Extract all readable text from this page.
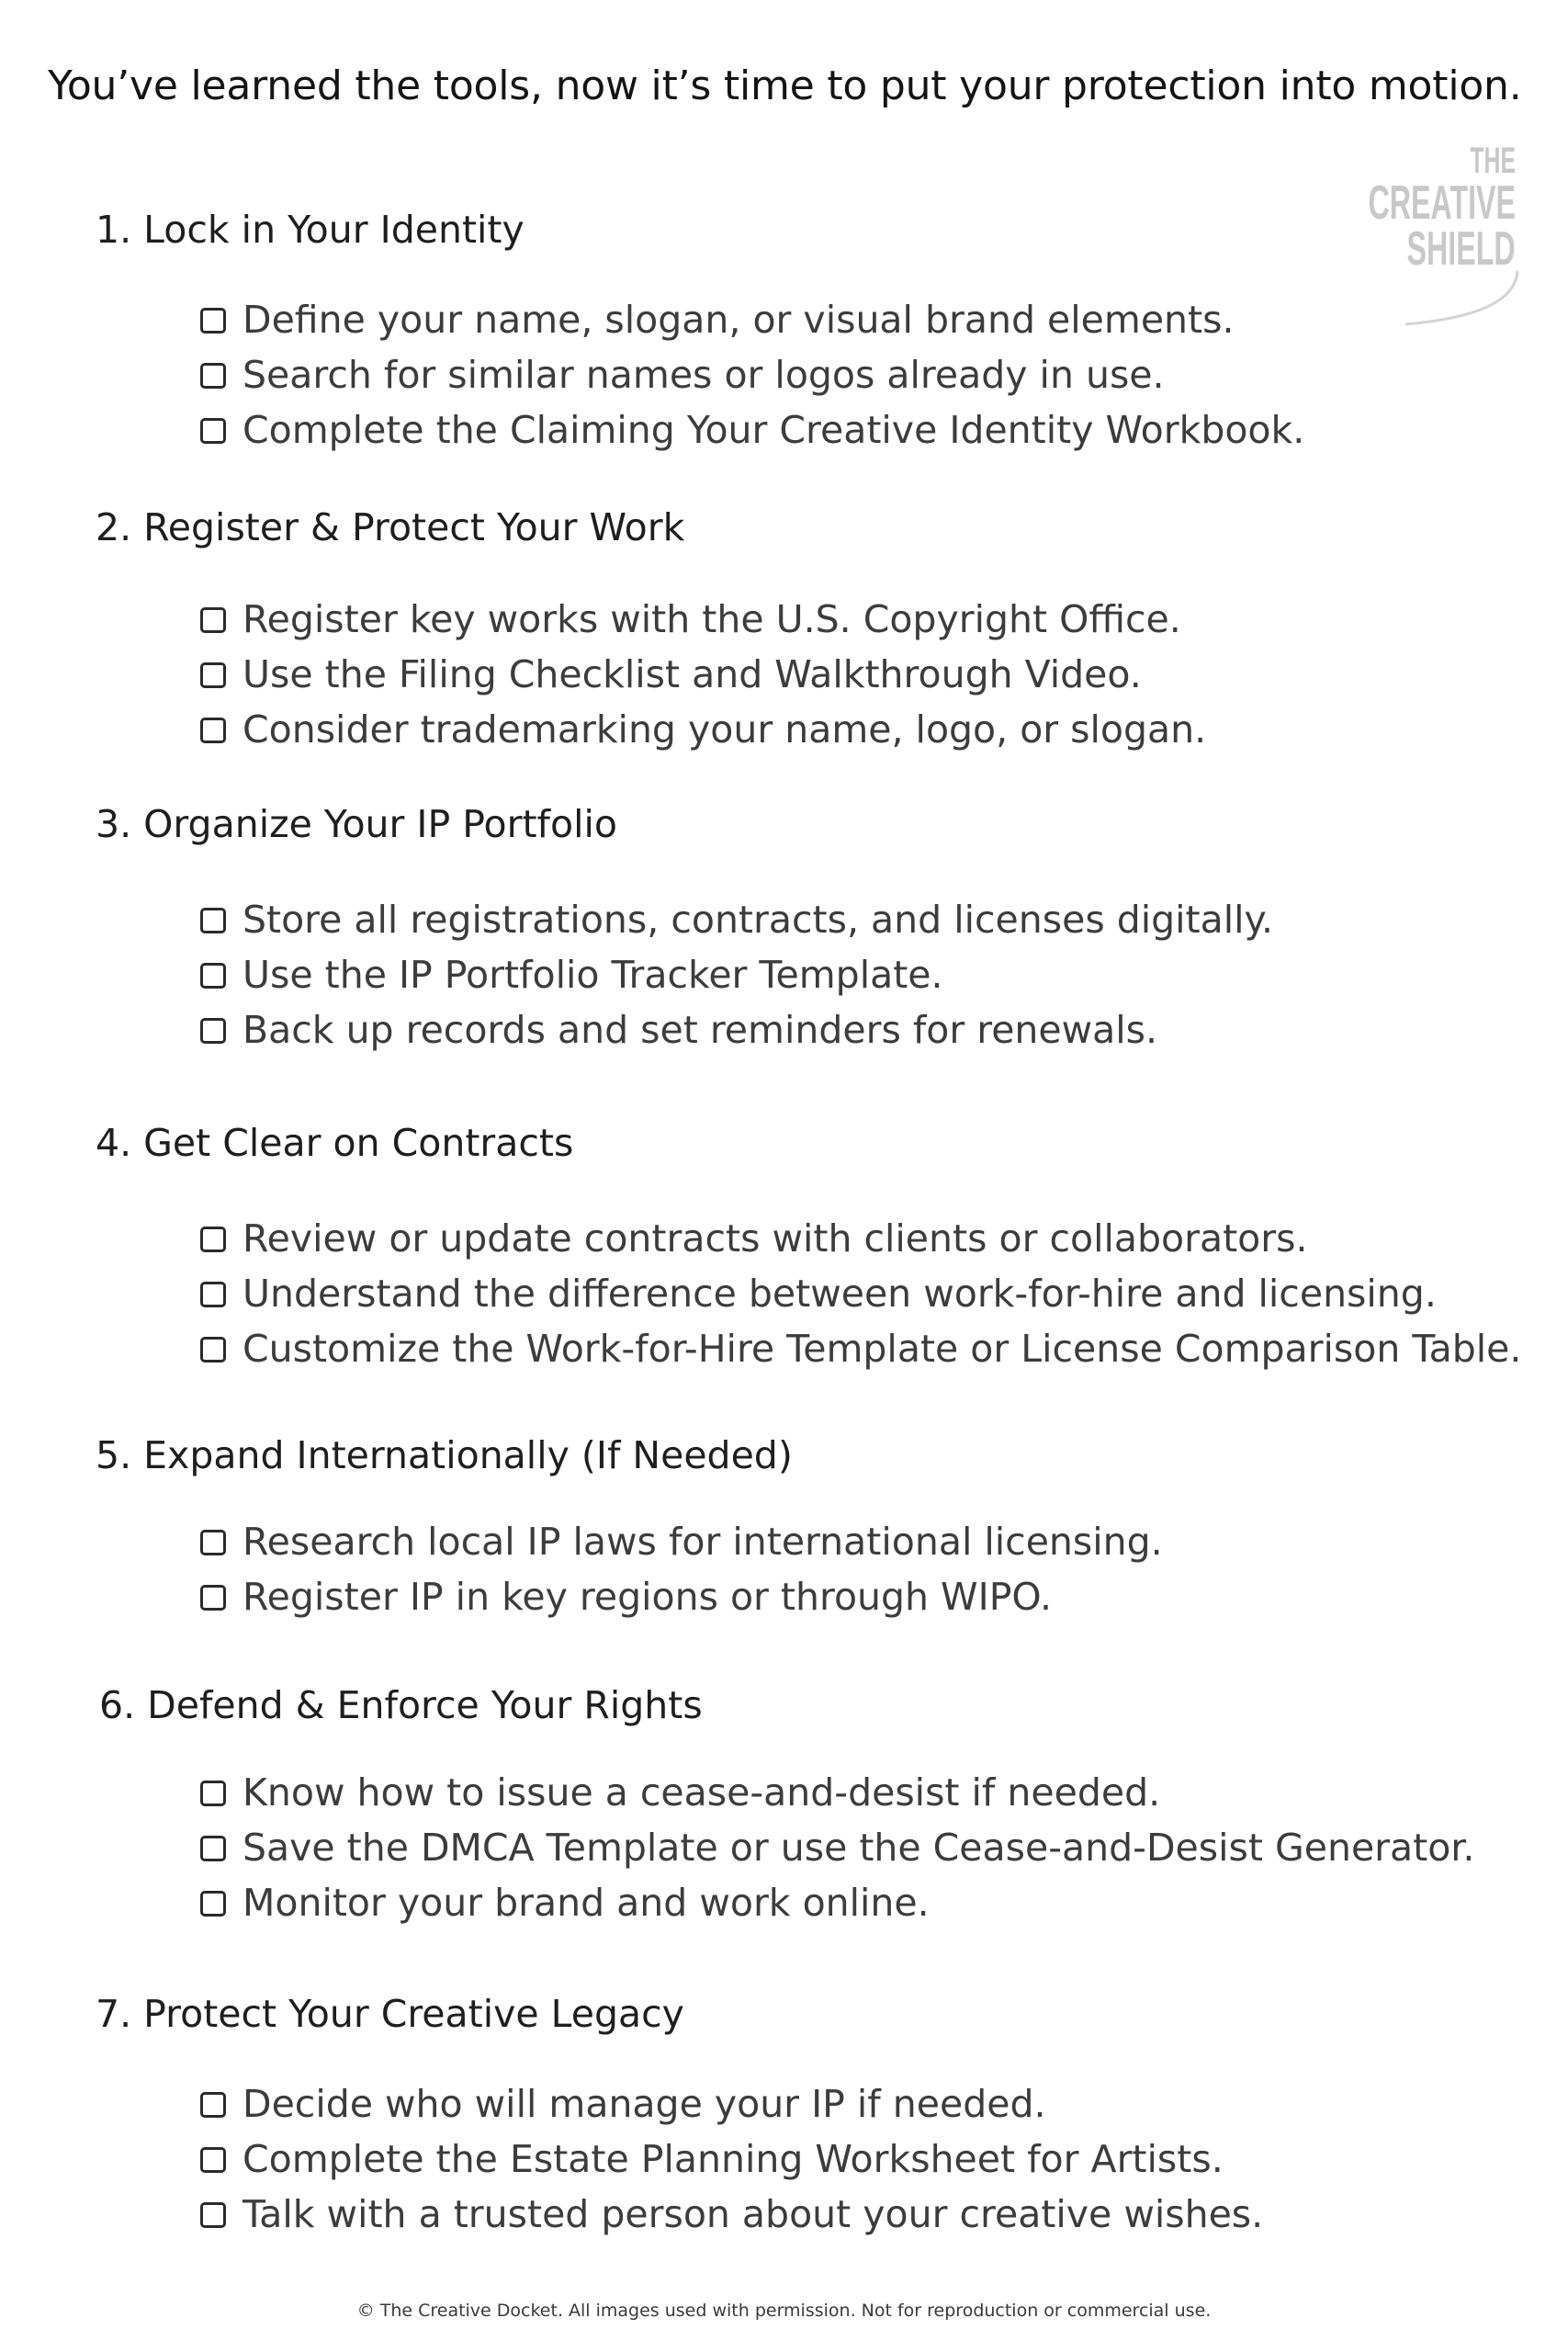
You’ve learned the tools, now it’s time to put your protection into motion.
THE
CREATIVE
SHIELD
1. Lock in Your Identity
Define your name, slogan, or visual brand elements.
Search for similar names or logos already in use.
Complete the Claiming Your Creative Identity Workbook.
2. Register & Protect Your Work
Register key works with the U.S. Copyright Office.
Use the Filing Checklist and Walkthrough Video.
Consider trademarking your name, logo, or slogan.
3. Organize Your IP Portfolio
Store all registrations, contracts, and licenses digitally.
Use the IP Portfolio Tracker Template.
Back up records and set reminders for renewals.
4. Get Clear on Contracts
Review or update contracts with clients or collaborators.
Understand the difference between work-for-hire and licensing.
Customize the Work-for-Hire Template or License Comparison Table.
5. Expand Internationally (If Needed)
Research local IP laws for international licensing.
Register IP in key regions or through WIPO.
6. Defend & Enforce Your Rights
Know how to issue a cease-and-desist if needed.
Save the DMCA Template or use the Cease-and-Desist Generator.
Monitor your brand and work online.
7. Protect Your Creative Legacy
Decide who will manage your IP if needed.
Complete the Estate Planning Worksheet for Artists.
Talk with a trusted person about your creative wishes.
© The Creative Docket. All images used with permission. Not for reproduction or commercial use.
